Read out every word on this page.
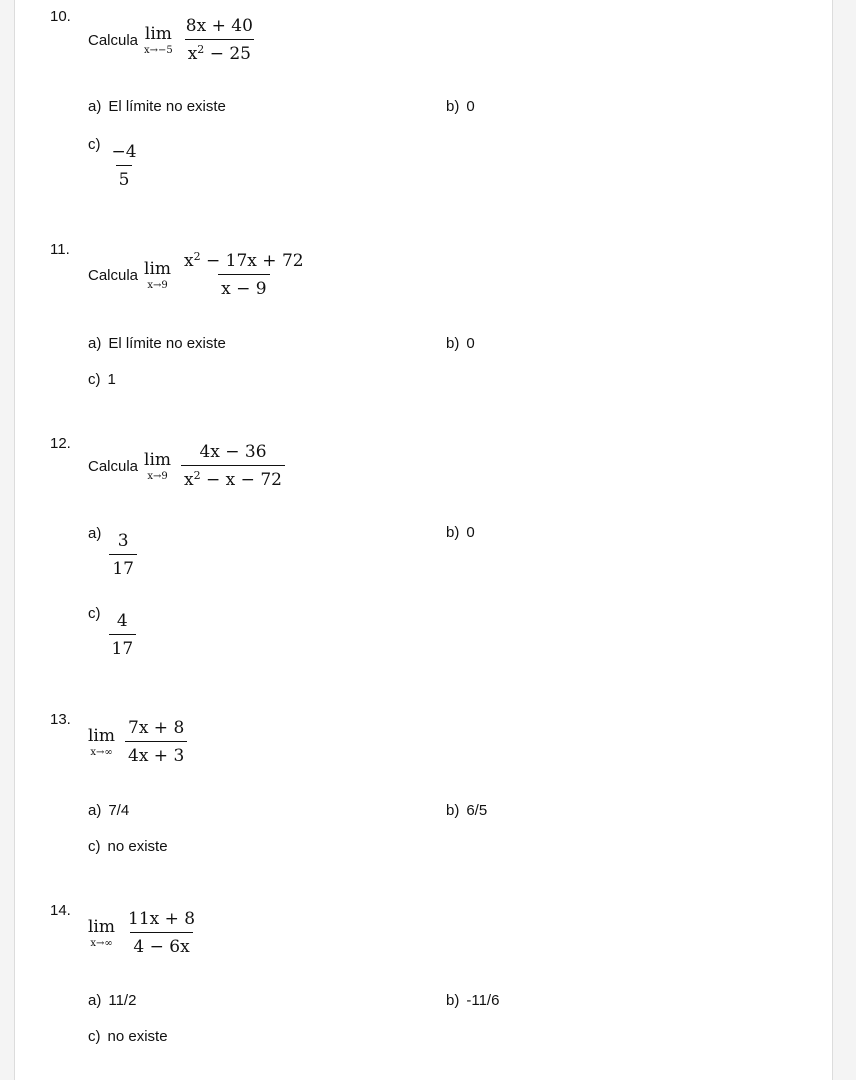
10.
Calcula lim
$x\to-5 \frac{8x + 40}{x^2 - 25}$
a) El límite no existe	b) 0
$c) \frac{-4}{5}$
11.
Calcula lim
$x\to 9 \frac{x^2 - 17x + 72}{x - 9}$
a) El límite no existe	b) 0
c) 1
12.
Calcula lim
$x\to 9 \frac{4x - 36}{x^2 - x - 72}$
$a) \frac{3}{17}$	b) 0
$c) \frac{4}{17}$
13.
lim
$x\to\infty \frac{7x + 8}{4x + 3}$
a) 7/4	b) 6/5
c) no existe
14.
lim
$x\to\infty \frac{11x + 8}{4 - 6x}$
a) 11/2	b) -11/6
c) no existe
